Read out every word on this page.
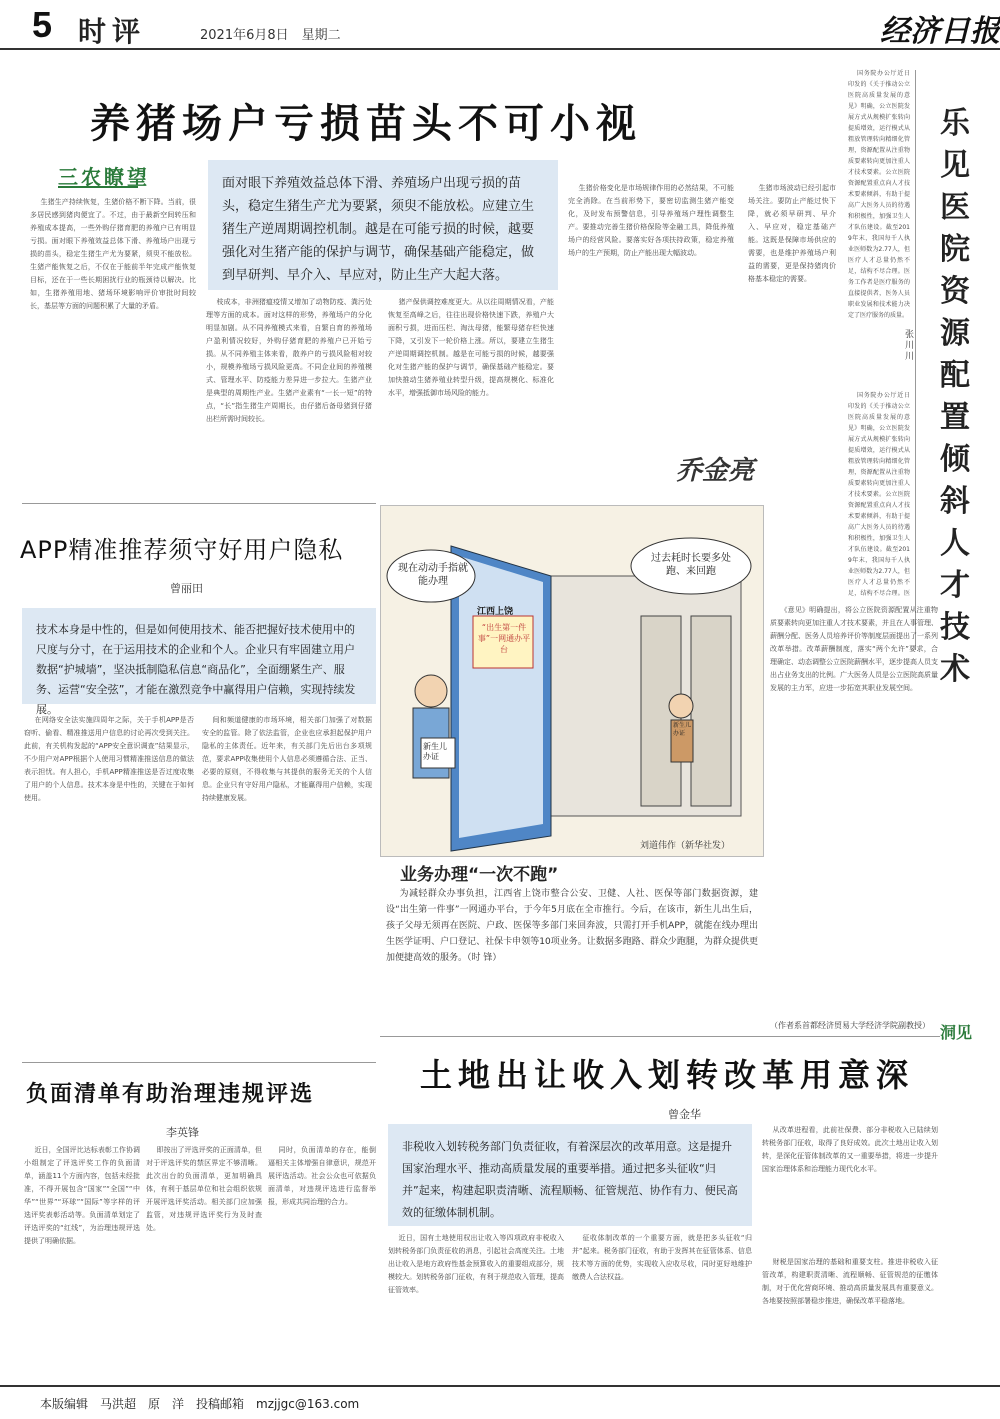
5 时评	2021年6月8日　星期二	经济日报
养猪场户亏损苗头不可小视
三农瞭望	面对眼下养殖效益总体下滑、养殖场户出现亏损的苗头，稳定生猪生产尤为要紧，须臾不能放松。应建立生猪生产逆周期调控机制。越是在可能亏损的时候，越要强化对生猪产能的保护与调节，确保基础产能稳定，做到早研判、早介入、早应对，防止生产大起大落。

生猪生产持续恢复，生猪价格不断下降。当前，很多居民感到猪肉便宜了。不过，由于最新空间转压和养殖成本提高，一些外购仔猪育肥的养殖户已有明显亏损。面对眼下养殖效益总体下滑、养殖场户出现亏损的苗头，稳定生猪生产尤为要紧，须臾不能放松。生猪产能恢复之后，不仅在于能前半年完成产能恢复目标，还在于一些长期困扰行业的瓶颈待以解决。比如，生猪养殖用地、猪场环境影响评价审批时间较长，基层等方面的问题积累了大量的矛盾。	枝成本，非洲猪瘟疫情又增加了动物防疫、粪污处理等方面的成本。面对这样的形势，养殖场户的分化明显加剧。从不同养殖模式来看，自繁自育的养殖场户盈利情况较好，外购仔猪育肥的养殖户已开始亏损。从不同养殖主体来看，散养户的亏损风险相对较小，规模养殖场亏损风险更高。不同企业间的养殖模式、管理水平、防疫能力差异进一步拉大。生猪产业是典型的周期性产业。生猪产业素有“一长一短”的特点，“长”指生猪生产周期长，由仔猪后备母猪到仔猪出栏所需时间较长。

猪产保供调控难度更大。从以往周期情况看，产能恢复至高峰之后，往往出现价格快速下跌，养殖户大面积亏损，进而压栏、淘汰母猪，能繁母猪存栏快速下降，又引发下一轮价格上涨。所以，要建立生猪生产逆周期调控机制。越是在可能亏损的时候，越要强化对生猪产能的保护与调节，确保基础产能稳定。要加快推动生猪养殖业转型升级，提高规模化、标准化水平，增强抵御市场风险的能力。

生猪价格变化是市场规律作用的必然结果，不可能完全消除。在当前形势下，要密切监测生猪产能变化，及时发布预警信息，引导养殖场户理性调整生产。要推动完善生猪价格保险等金融工具，降低养殖场户的经营风险。要落实好各项扶持政策，稳定养殖场户的生产预期，防止产能出现大幅波动。

生猪市场波动已经引起市场关注。要防止产能过快下降，就必须早研判、早介入、早应对，稳定基础产能。这既是保障市场供应的需要，也是维护养殖场户利益的需要，更是保持猪肉价格基本稳定的需要。

乔金亮
乐见医院资源配置倾斜人才技术
张川川

国务院办公厅近日印发的《关于推动公立医院高质量发展的意见》明确，公立医院发展方式从规模扩张转向提质增效，运行模式从粗放管理转向精细化管理，资源配置从注重物质要素转向更加注重人才技术要素。公立医院资源配置重点向人才技术要素倾斜，有助于提高广大医务人员的待遇和积极性，加强卫生人才队伍建设。截至2019年末，我国每千人执业医师数为2.77人，但医疗人才总量仍然不足，结构不尽合理。医务工作者是医疗服务的直接提供者，医务人员职业发展和技术能力决定了医疗服务的质量。

国务院办公厅近日印发的《关于推动公立医院高质量发展的意见》明确，公立医院发展方式从规模扩张转向提质增效，运行模式从粗放管理转向精细化管理，资源配置从注重物质要素转向更加注重人才技术要素。公立医院资源配置重点向人才技术要素倾斜，有助于提高广大医务人员的待遇和积极性，加强卫生人才队伍建设。截至2019年末，我国每千人执业医师数为2.77人，但医疗人才总量仍然不足，结构不尽合理。医

《意见》明确提出，将公立医院资源配置从注重物质要素转向更加注重人才技术要素，并且在人事管理、薪酬分配、医务人员培养评价等制度层面提出了一系列改革举措。改革薪酬制度，落实“两个允许”要求，合理确定、动态调整公立医院薪酬水平，逐步提高人员支出占业务支出的比例。广大医务人员是公立医院高质量发展的主力军，应进一步拓宽其职业发展空间。

（作者系首都经济贸易大学经济学院副教授） 洞见
APP精准推荐须守好用户隐私
曾丽田
技术本身是中性的，但是如何使用技术、能否把握好技术使用中的尺度与分寸，在于运用技术的企业和个人。企业只有牢固建立用户数据“护城墙”，坚决抵制隐私信息“商品化”，全面绷紧生产、服务、运营“安全弦”，才能在激烈竞争中赢得用户信赖，实现持续发展。

在网络安全法实施四周年之际，关于手机APP是否窃听、偷看、精准推送用户信息的讨论再次受到关注。此前，有关机构发起的“APP安全意识调查”结果显示，不少用户对APP根据个人使用习惯精准推送信息的做法表示担忧。有人担心，手机APP精准推送是否过度收集了用户的个人信息。技术本身是中性的，关键在于如何使用。

间和频道健康的市场环境，相关部门加强了对数据安全的监管。除了依法监管，企业也应承担起保护用户隐私的主体责任。近年来，有关部门先后出台多项规范，要求APP收集使用个人信息必须遵循合法、正当、必要的原则，不得收集与其提供的服务无关的个人信息。企业只有守好用户隐私，才能赢得用户信赖，实现持续健康发展。

现在动动手指就能办理
过去耗时长要多处跑、来回跑
江西上饶
“出生第一件事”一网通办平台
新生儿办证
新生儿办证
刘道伟作（新华社发）
业务办理“一次不跑”

为减轻群众办事负担，江西省上饶市整合公安、卫健、人社、医保等部门数据资源，建设“出生第一件事”一网通办平台，于今年5月底在全市推行。今后，在该市，新生儿出生后，孩子父母无须再在医院、户政、医保等多部门来回奔波，只需打开手机APP，就能在线办理出生医学证明、户口登记、社保卡申领等10项业务。让数据多跑路、群众少跑腿，为群众提供更加便捷高效的服务。（时 锋）

负面清单有助治理违规评选
李英锋

近日，全国评比达标表彰工作协调小组制定了评选评奖工作的负面清单，涵盖11个方面内容，包括未经批准，不得开展包含“国家”“全国”“中华”“世界”“环球”“国际”等字样的评选评奖表彰活动等。负面清单划定了评选评奖的“红线”，为治理违规评选提供了明确依据。

即按出了评选评奖的正面清单，但对于评选评奖的禁区界定不够清晰。此次出台的负面清单，更加明确具体，有利于基层单位和社会组织依规开展评选评奖活动。相关部门应加强监管，对违规评选评奖行为及时查处。

同时，负面清单的存在，能倒逼相关主体增强自律意识，规范开展评选活动。社会公众也可依据负面清单，对违规评选进行监督举报，形成共同治理的合力。

土地出让收入划转改革用意深
曾金华
非税收入划转税务部门负责征收，有着深层次的改革用意。这是提升国家治理水平、推动高质量发展的重要举措。通过把多头征收“归并”起来，构建起职责清晰、流程顺畅、征管规范、协作有力、便民高效的征缴体制机制。

近日，国有土地使用权出让收入等四项政府非税收入划转税务部门负责征收的消息，引起社会高度关注。土地出让收入是地方政府性基金预算收入的重要组成部分，规模较大。划转税务部门征收，有利于规范收入管理，提高征管效率。

征收体制改革的一个重要方面，就是把多头征收“归并”起来。税务部门征收，有助于发挥其在征管体系、信息技术等方面的优势，实现收入应收尽收，同时更好地维护缴费人合法权益。

从改革进程看，此前社保费、部分非税收入已陆续划转税务部门征收，取得了良好成效。此次土地出让收入划转，是深化征管体制改革的又一重要举措，将进一步提升国家治理体系和治理能力现代化水平。

财税是国家治理的基础和重要支柱。推进非税收入征管改革，构建职责清晰、流程顺畅、征管规范的征缴体制，对于优化营商环境、推动高质量发展具有重要意义。各地要按照部署稳步推进，确保改革平稳落地。

本版编辑　马洪超　原　洋　投稿邮箱　mzjjgc@163.com
